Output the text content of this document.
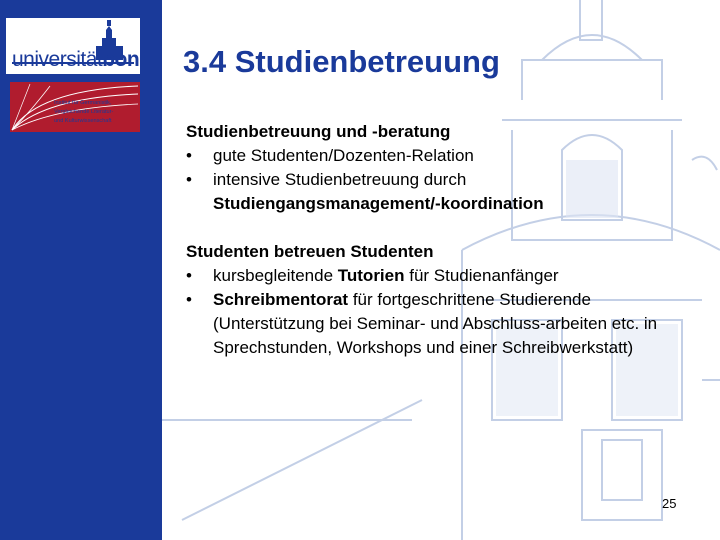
universitätbonn
Institut für Germanistik,
Vergleichende Literatur-
und Kulturwissenschaft
3.4 Studienbetreuung
Studienbetreuung und -beratung
• gute Studenten/Dozenten-Relation
• intensive Studienbetreuung durch
Studiengangsmanagement/-koordination
Studenten betreuen Studenten
• kursbegleitende Tutorien für Studienanfänger
• Schreibmentorat für fortgeschrittene Studierende (Unterstützung bei Seminar- und Abschluss-arbeiten etc. in Sprechstunden, Workshops und einer Schreibwerkstatt)
25
